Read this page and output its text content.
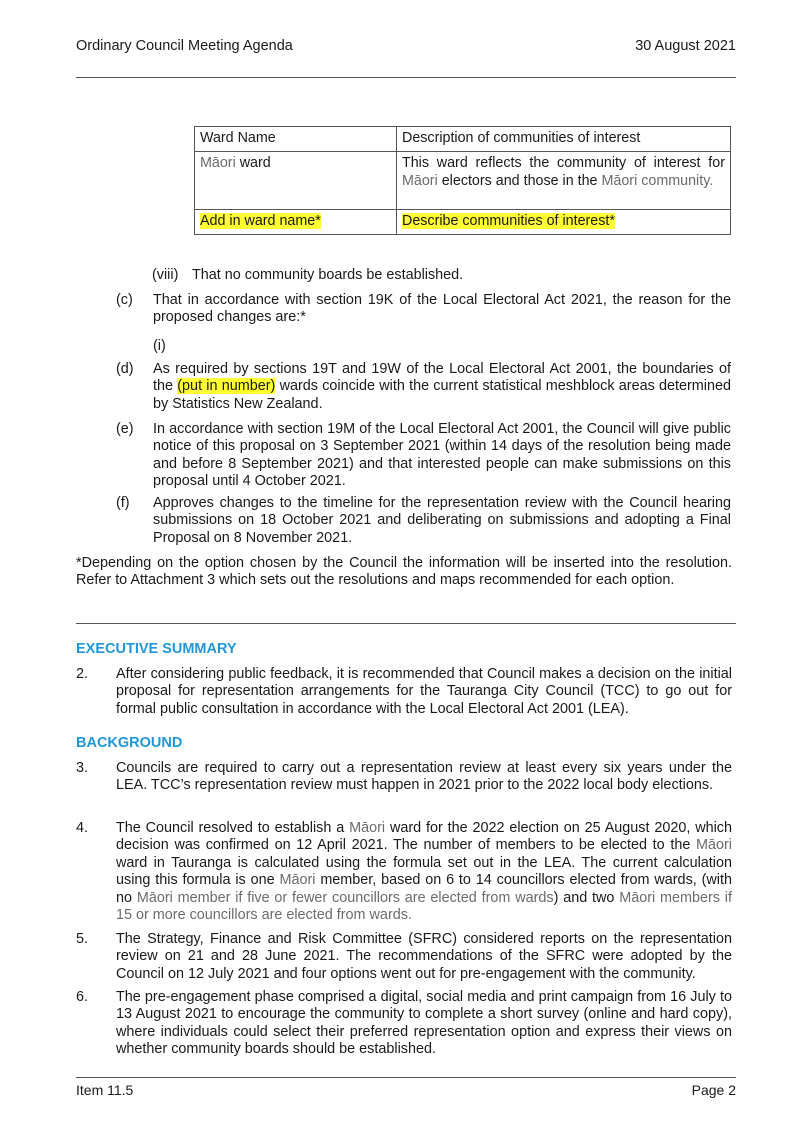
Ordinary Council Meeting Agenda	30 August 2021
Ward Name	Description of communities of interest
Māori ward	This ward reflects the community of interest for Māori electors and those in the Māori community.
Add in ward name*	Describe communities of interest*
(viii) That no community boards be established.
(c) That in accordance with section 19K of the Local Electoral Act 2021, the reason for the proposed changes are:*
(i)
(d) As required by sections 19T and 19W of the Local Electoral Act 2001, the boundaries of the (put in number) wards coincide with the current statistical meshblock areas determined by Statistics New Zealand.
(e) In accordance with section 19M of the Local Electoral Act 2001, the Council will give public notice of this proposal on 3 September 2021 (within 14 days of the resolution being made and before 8 September 2021) and that interested people can make submissions on this proposal until 4 October 2021.
(f) Approves changes to the timeline for the representation review with the Council hearing submissions on 18 October 2021 and deliberating on submissions and adopting a Final Proposal on 8 November 2021.
*Depending on the option chosen by the Council the information will be inserted into the resolution. Refer to Attachment 3 which sets out the resolutions and maps recommended for each option.
EXECUTIVE SUMMARY
2. After considering public feedback, it is recommended that Council makes a decision on the initial proposal for representation arrangements for the Tauranga City Council (TCC) to go out for formal public consultation in accordance with the Local Electoral Act 2001 (LEA).
BACKGROUND
3. Councils are required to carry out a representation review at least every six years under the LEA. TCC’s representation review must happen in 2021 prior to the 2022 local body elections.
4. The Council resolved to establish a Māori ward for the 2022 election on 25 August 2020, which decision was confirmed on 12 April 2021. The number of members to be elected to the Māori ward in Tauranga is calculated using the formula set out in the LEA. The current calculation using this formula is one Māori member, based on 6 to 14 councillors elected from wards, (with no Māori member if five or fewer councillors are elected from wards) and two Māori members if 15 or more councillors are elected from wards.
5. The Strategy, Finance and Risk Committee (SFRC) considered reports on the representation review on 21 and 28 June 2021. The recommendations of the SFRC were adopted by the Council on 12 July 2021 and four options went out for pre-engagement with the community.
6. The pre-engagement phase comprised a digital, social media and print campaign from 16 July to 13 August 2021 to encourage the community to complete a short survey (online and hard copy), where individuals could select their preferred representation option and express their views on whether community boards should be established.
Item 11.5	Page 2
